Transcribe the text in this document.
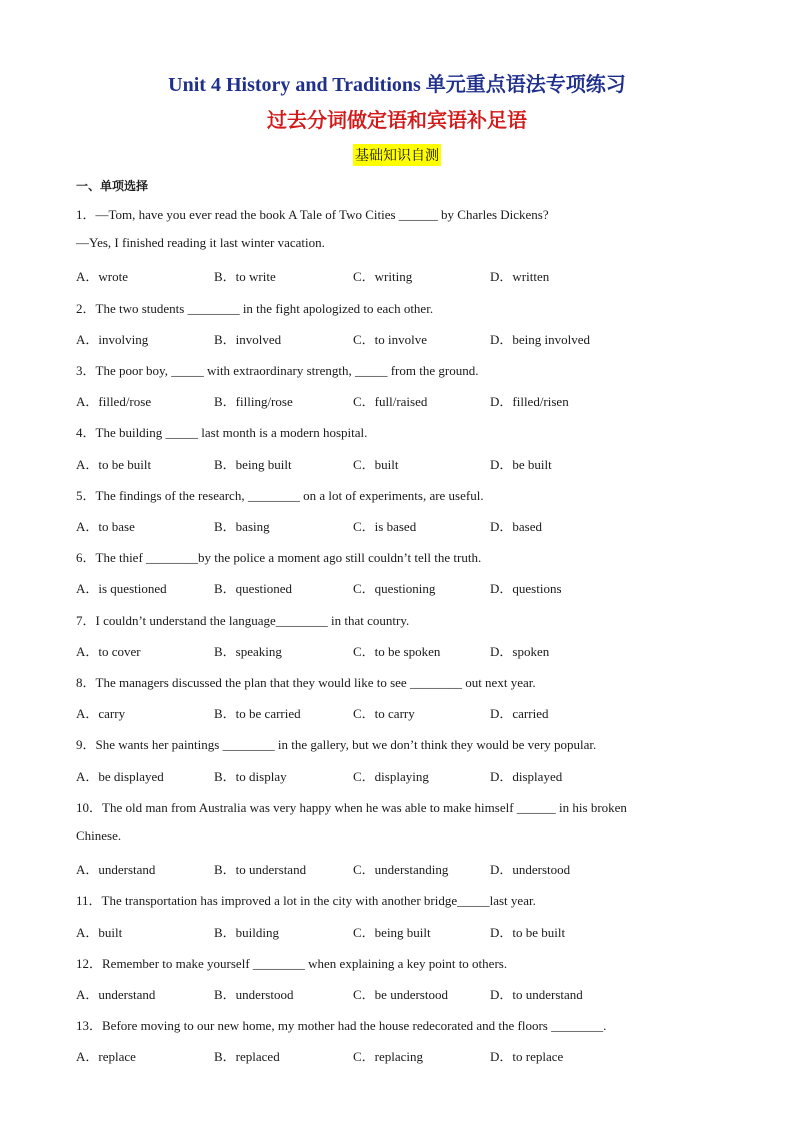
Unit 4 History and Traditions 单元重点语法专项练习
过去分词做定语和宾语补足语
基础知识自测
一、单项选择
1．—Tom, have you ever read the book A Tale of Two Cities ______ by Charles Dickens?
—Yes, I finished reading it last winter vacation.
A．wrote	B．to write	C．writing	D．written
2．The two students ________ in the fight apologized to each other.
A．involving	B．involved	C．to involve	D．being involved
3．The poor boy, _____ with extraordinary strength, _____ from the ground.
A．filled/rose	B．filling/rose	C．full/raised	D．filled/risen
4．The building _____ last month is a modern hospital.
A．to be built	B．being built	C．built	D．be built
5．The findings of the research, ________ on a lot of experiments, are useful.
A．to base	B．basing	C．is based	D．based
6．The thief ________by the police a moment ago still couldn’t tell the truth.
A．is questioned	B．questioned	C．questioning	D．questions
7．I couldn’t understand the language________ in that country.
A．to cover	B．speaking	C．to be spoken	D．spoken
8．The managers discussed the plan that they would like to see ________ out next year.
A．carry	B．to be carried	C．to carry	D．carried
9．She wants her paintings ________ in the gallery, but we don’t think they would be very popular.
A．be displayed	B．to display	C．displaying	D．displayed
10．The old man from Australia was very happy when he was able to make himself ______ in his broken
Chinese.
A．understand	B．to understand	C．understanding	D．understood
11．The transportation has improved a lot in the city with another bridge_____last year.
A．built	B．building	C．being built	D．to be built
12．Remember to make yourself ________ when explaining a key point to others.
A．understand	B．understood	C．be understood	D．to understand
13．Before moving to our new home, my mother had the house redecorated and the floors ________.
A．replace	B．replaced	C．replacing	D．to replace
